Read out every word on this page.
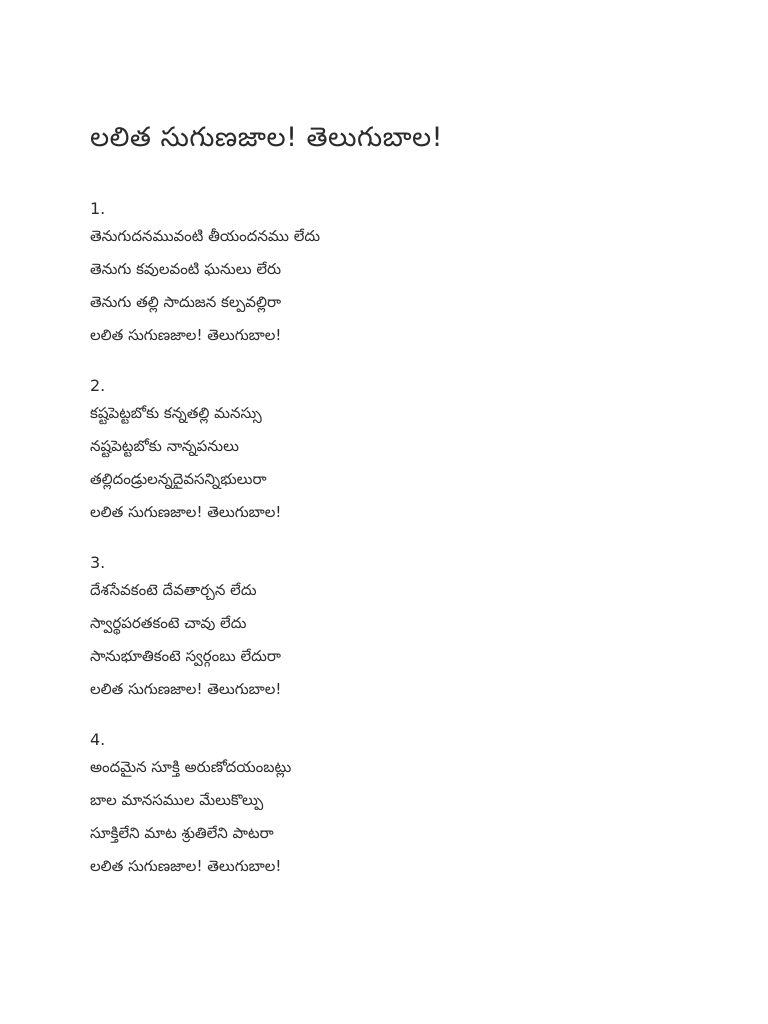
లలిత సుగుణజాల! తెలుగుబాల!
1.
తెనుగుదనమువంటి తీయందనము లేదు
తెనుగు కవులవంటి ఘనులు లేరు
తెనుగు తల్లి సాదుజన కల్పవల్లిరా
లలిత సుగుణజాల! తెలుగుబాల!
2.
కష్టపెట్టబోకు కన్నతల్లి మనస్సు
నష్టపెట్టబోకు నాన్నపనులు
తల్లిదండ్రులన్నదైవసన్నిభులురా
లలిత సుగుణజాల! తెలుగుబాల!
3.
దేశసేవకంటె దేవతార్చన లేదు
స్వార్థపరతకంటె చావు లేదు
సానుభూతికంటె స్వర్గంబు లేదురా
లలిత సుగుణజాల! తెలుగుబాల!
4.
అందమైన సూక్తి అరుణోదయంబట్లు
బాల మానసముల మేలుకొల్పు
సూక్తిలేని మాట శ్రుతిలేని పాటరా
లలిత సుగుణజాల! తెలుగుబాల!
